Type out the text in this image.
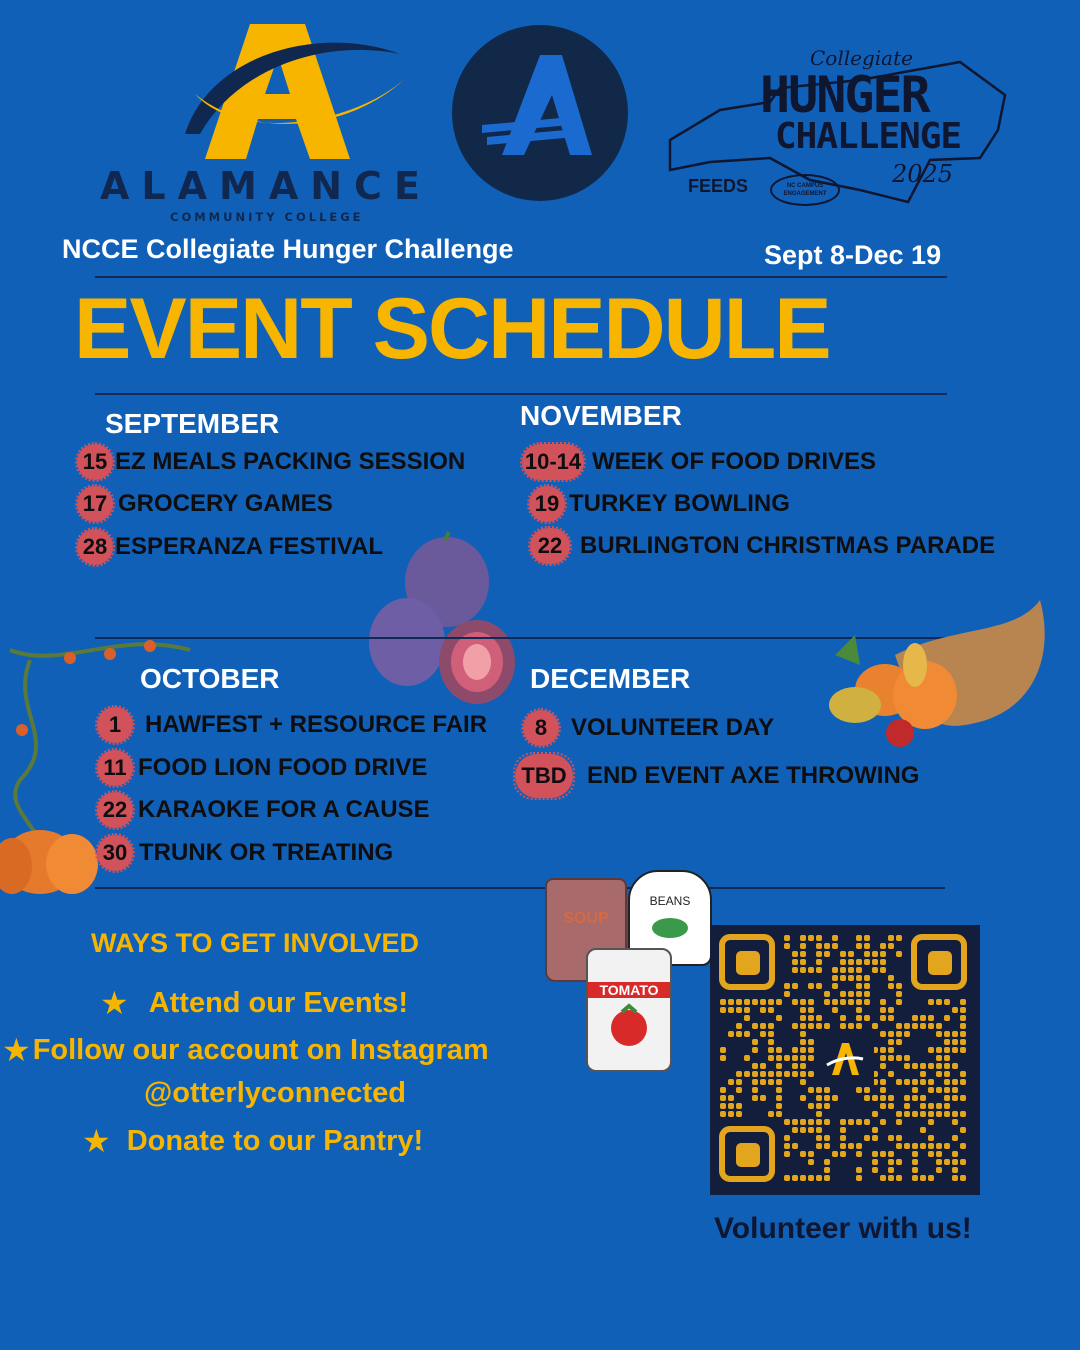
ALAMANCE
COMMUNITY COLLEGE
Collegiate
HUNGER
CHALLENGE
2025
FEEDS	NC CAMPUS ENGAGEMENT
NCCE Collegiate Hunger Challenge	Sept 8-Dec 19
EVENT SCHEDULE
SEPTEMBER
15 EZ MEALS PACKING SESSION
17 GROCERY GAMES
28 ESPERANZA FESTIVAL
NOVEMBER
10-14 WEEK OF FOOD DRIVES
19 TURKEY BOWLING
22 BURLINGTON CHRISTMAS PARADE
OCTOBER
1 HAWFEST + RESOURCE FAIR
11 FOOD LION FOOD DRIVE
22 KARAOKE FOR A CAUSE
30 TRUNK OR TREATING
DECEMBER
8 VOLUNTEER DAY
TBD END EVENT AXE THROWING
WAYS TO GET INVOLVED
★ Attend our Events!
★ Follow our account on Instagram
@otterlyconnected
★ Donate to our Pantry!
SOUP
BEANS
TOMATO
Volunteer with us!
